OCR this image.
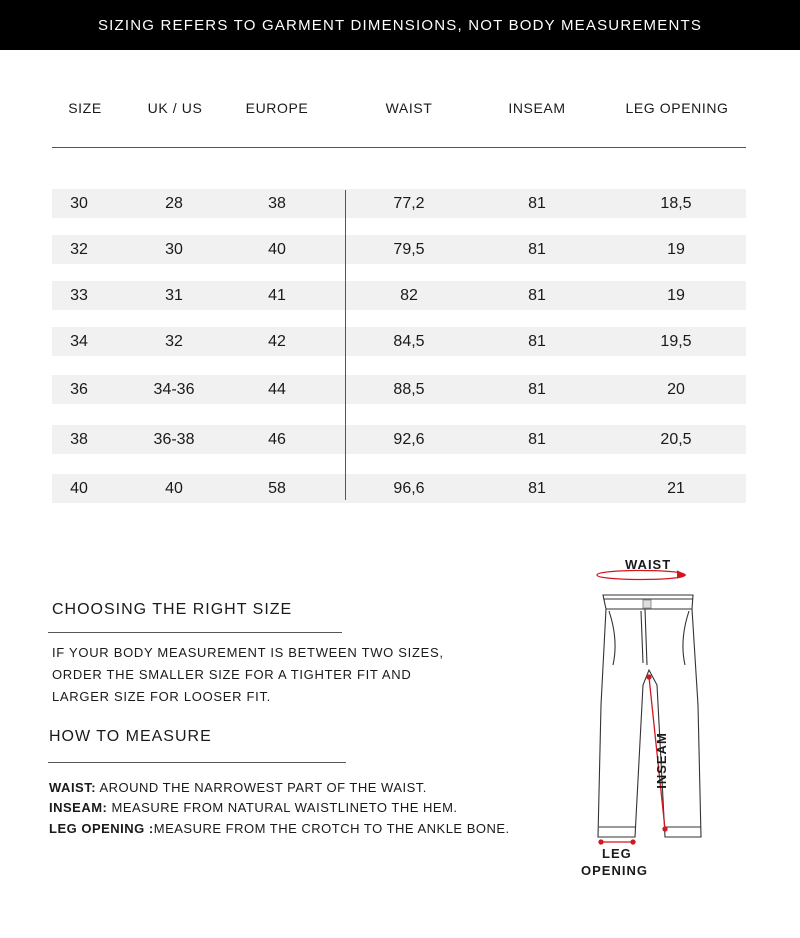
SIZING REFERS TO GARMENT DIMENSIONS, NOT BODY MEASUREMENTS
SIZE	UK / US	EUROPE	WAIST	INSEAM	LEG OPENING
30	28	38	77,2	81	18,5
32	30	40	79,5	81	19
33	31	41	82	81	19
34	32	42	84,5	81	19,5
36	34-36	44	88,5	81	20
38	36-38	46	92,6	81	20,5
40	40	58	96,6	81	21
CHOOSING THE RIGHT SIZE
IF YOUR BODY MEASUREMENT IS BETWEEN TWO SIZES,
ORDER THE SMALLER SIZE FOR A TIGHTER FIT AND
LARGER SIZE FOR LOOSER FIT.
HOW TO MEASURE
WAIST: AROUND THE NARROWEST PART OF THE WAIST.
INSEAM: MEASURE FROM NATURAL WAISTLINETO THE HEM.
LEG OPENING :MEASURE FROM THE CROTCH TO THE ANKLE BONE.
WAIST
INSEAM
LEG
OPENING
